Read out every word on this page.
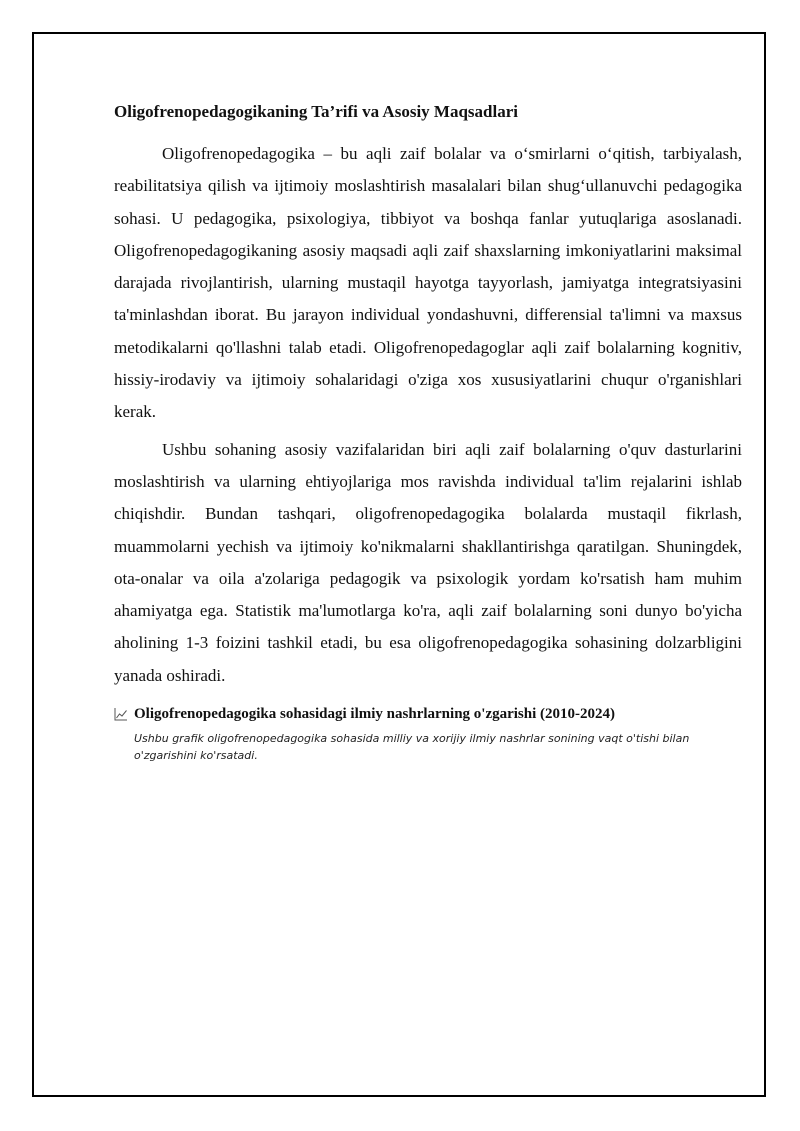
Oligofrenopedagogikaning Ta’rifi va Asosiy Maqsadlari

Oligofrenopedagogika – bu aqli zaif bolalar va o‘smirlarni o‘qitish, tarbiyalash, reabilitatsiya qilish va ijtimoiy moslashtirish masalalari bilan shug‘ullanuvchi pedagogika sohasi. U pedagogika, psixologiya, tibbiyot va boshqa fanlar yutuqlariga asoslanadi. Oligofrenopedagogikaning asosiy maqsadi aqli zaif shaxslarning imkoniyatlarini maksimal darajada rivojlantirish, ularning mustaqil hayotga tayyorlash, jamiyatga integratsiyasini ta'minlashdan iborat. Bu jarayon individual yondashuvni, differensial ta'limni va maxsus metodikalarni qo'llashni talab etadi. Oligofrenopedagoglar aqli zaif bolalarning kognitiv, hissiy-irodaviy va ijtimoiy sohalaridagi o'ziga xos xususiyatlarini chuqur o'rganishlari kerak.

Ushbu sohaning asosiy vazifalaridan biri aqli zaif bolalarning o'quv dasturlarini moslashtirish va ularning ehtiyojlariga mos ravishda individual ta'lim rejalarini ishlab chiqishdir. Bundan tashqari, oligofrenopedagogika bolalarda mustaqil fikrlash, muammolarni yechish va ijtimoiy ko'nikmalarni shakllantirishga qaratilgan. Shuningdek, ota-onalar va oila a'zolariga pedagogik va psixologik yordam ko'rsatish ham muhim ahamiyatga ega. Statistik ma'lumotlarga ko'ra, aqli zaif bolalarning soni dunyo bo'yicha aholining 1-3 foizini tashkil etadi, bu esa oligofrenopedagogika sohasining dolzarbligini yanada oshiradi.

Oligofrenopedagogika sohasidagi ilmiy nashrlarning o'zgarishi (2010-2024)
Ushbu grafik oligofrenopedagogika sohasida milliy va xorijiy ilmiy nashrlar sonining vaqt o'tishi bilan o'zgarishini ko'rsatadi.
